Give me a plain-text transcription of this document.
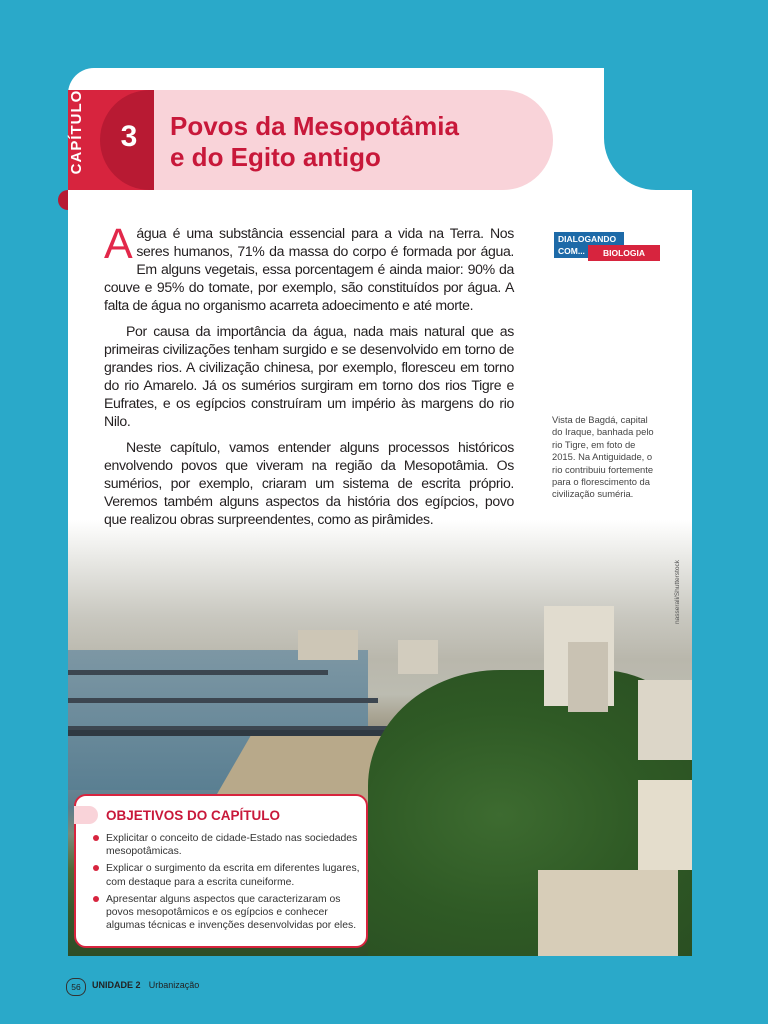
CAPÍTULO	3	Povos da Mesopotâmia
e do Egito antigo

A água é uma substância essencial para a vida na Terra. Nos seres humanos, 71% da massa do corpo é formada por água. Em alguns vegetais, essa porcentagem é ainda maior: 90% da couve e 95% do tomate, por exemplo, são constituídos por água. A falta de água no organismo acarreta adoecimento e até morte.

Por causa da importância da água, nada mais natural que as primeiras civilizações tenham surgido e se desenvolvido em torno de grandes rios. A civilização chinesa, por exemplo, floresceu em torno do rio Amarelo. Já os sumérios surgiram em torno dos rios Tigre e Eufrates, e os egípcios construíram um império às margens do rio Nilo.

Neste capítulo, vamos entender alguns processos históricos envolvendo povos que viveram na região da Mesopotâmia. Os sumérios, por exemplo, criaram um sistema de escrita próprio. Veremos também alguns aspectos da história dos egípcios, povo que realizou obras surpreendentes, como as pirâmides.

DIALOGANDO
COM...	BIOLOGIA
Vista de Bagdá, capital do Iraque, banhada pelo rio Tigre, em foto de 2015. Na Antiguidade, o rio contribuiu fortemente para o florescimento da civilização suméria.
nasserali/Shutterstock
OBJETIVOS DO CAPÍTULO
Explicitar o conceito de cidade-Estado nas sociedades mesopotâmicas.
Explicar o surgimento da escrita em diferentes lugares, com destaque para a escrita cuneiforme.
Apresentar alguns aspectos que caracterizaram os povos mesopotâmicos e os egípcios e conhecer algumas técnicas e invenções desenvolvidas por eles.
56	UNIDADE 2 • Urbanização
